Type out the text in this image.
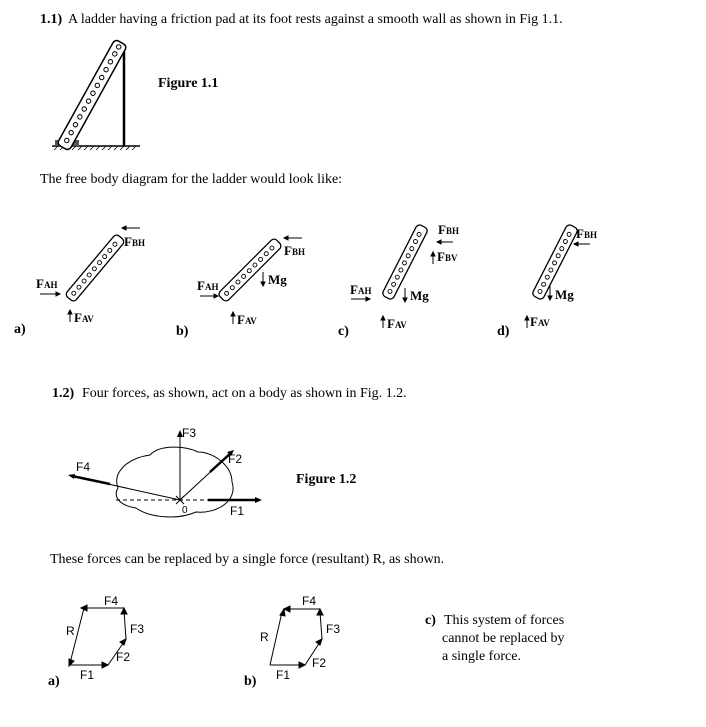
1.1) A ladder having a friction pad at its foot rests against a smooth wall as shown in Fig 1.1.
Figure 1.1
The free body diagram for the ladder would look like:
FAH
FAV
FBH
a)
FAH
FAV
FBH
Mg
b)
FAH
FAV
FBH
FBV
Mg
c)
FAV
FBH
Mg
d)
1.2) Four forces, as shown, act on a body as shown in Fig. 1.2.
Figure 1.2
F3
F2
F4
F1
0
These forces can be replaced by a single force (resultant) R, as shown.
F4
F3
F2
F1
R
a)
F4
F3
F2
F1
R
b)
c) This system of forces
cannot be replaced by
a single force.
